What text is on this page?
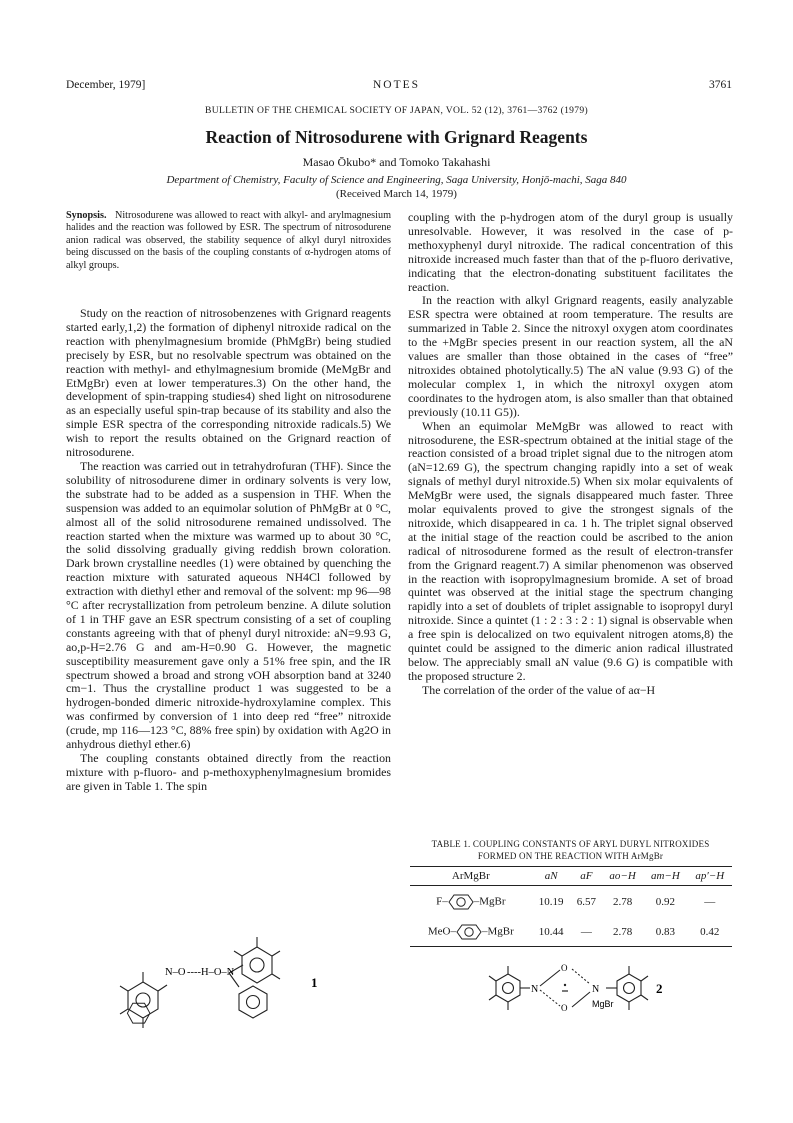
December, 1979]	NOTES	3761
BULLETIN OF THE CHEMICAL SOCIETY OF JAPAN, VOL. 52 (12), 3761—3762 (1979)
Reaction of Nitrosodurene with Grignard Reagents
Masao Ōkubo* and Tomoko Takahashi
Department of Chemistry, Faculty of Science and Engineering, Saga University, Honjō-machi, Saga 840
(Received March 14, 1979)

Synopsis. Nitrosodurene was allowed to react with alkyl- and arylmagnesium halides and the reaction was followed by ESR. The spectrum of nitrosodurene anion radical was observed, the stability sequence of alkyl duryl nitroxides being discussed on the basis of the coupling constants of α-hydrogen atoms of alkyl groups.

Study on the reaction of nitrosobenzenes with Grignard reagents started early,1,2) the formation of diphenyl nitroxide radical on the reaction with phenylmagnesium bromide (PhMgBr) being studied precisely by ESR, but no resolvable spectrum was obtained on the reaction with methyl- and ethylmagnesium bromide (MeMgBr and EtMgBr) even at lower temperatures.3) On the other hand, the development of spin-trapping studies4) shed light on nitrosodurene as an especially useful spin-trap because of its stability and also the simple ESR spectra of the corresponding nitroxide radicals.5) We wish to report the results obtained on the Grignard reaction of nitrosodurene.

The reaction was carried out in tetrahydrofuran (THF). Since the solubility of nitrosodurene dimer in ordinary solvents is very low, the substrate had to be added as a suspension in THF. When the suspension was added to an equimolar solution of PhMgBr at 0 °C, almost all of the solid nitrosodurene remained undissolved. The reaction started when the mixture was warmed up to about 30 °C, the solid dissolving gradually giving reddish brown coloration. Dark brown crystalline needles (1) were obtained by quenching the reaction mixture with saturated aqueous NH4Cl followed by extraction with diethyl ether and removal of the solvent: mp 96—98 °C after recrystallization from petroleum benzine. A dilute solution of 1 in THF gave an ESR spectrum consisting of a set of coupling constants agreeing with that of phenyl duryl nitroxide: aN=9.93 G, ao,p-H=2.76 G and am-H=0.90 G. However, the magnetic susceptibility measurement gave only a 51% free spin, and the IR spectrum showed a broad and strong νOH absorption band at 3240 cm−1. Thus the crystalline product 1 was suggested to be a hydrogen-bonded dimeric nitroxide-hydroxylamine complex. This was confirmed by conversion of 1 into deep red “free” nitroxide (crude, mp 116—123 °C, 88% free spin) by oxidation with Ag2O in anhydrous diethyl ether.6)

The coupling constants obtained directly from the reaction mixture with p-fluoro- and p-methoxyphenylmagnesium bromides are given in Table 1. The spin

coupling with the p-hydrogen atom of the duryl group is usually unresolvable. However, it was resolved in the case of p-methoxyphenyl duryl nitroxide. The radical concentration of this nitroxide increased much faster than that of the p-fluoro derivative, indicating that the electron-donating substituent facilitates the reaction.

In the reaction with alkyl Grignard reagents, easily analyzable ESR spectra were obtained at room temperature. The results are summarized in Table 2. Since the nitroxyl oxygen atom coordinates to the +MgBr species present in our reaction system, all the aN values are smaller than those obtained in the cases of “free” nitroxides obtained photolytically.5) The aN value (9.93 G) of the molecular complex 1, in which the nitroxyl oxygen atom coordinates to the hydrogen atom, is also smaller than that obtained previously (10.11 G5)).

When an equimolar MeMgBr was allowed to react with nitrosodurene, the ESR-spectrum obtained at the initial stage of the reaction consisted of a broad triplet signal due to the nitrogen atom (aN=12.69 G), the spectrum changing rapidly into a set of weak signals of methyl duryl nitroxide.5) When six molar equivalents of MeMgBr were used, the signals disappeared much faster. Three molar equivalents proved to give the strongest signals of the nitroxide, which disappeared in ca. 1 h. The triplet signal observed at the initial stage of the reaction could be ascribed to the anion radical of nitrosodurene formed as the result of electron-transfer from the Grignard reagent.7) A similar phenomenon was observed in the reaction with isopropylmagnesium bromide. A set of broad quintet was observed at the initial stage the spectrum changing rapidly into a set of doublets of triplet assignable to isopropyl duryl nitroxide. Since a quintet (1 : 2 : 3 : 2 : 1) signal is observable when a free spin is delocalized on two equivalent nitrogen atoms,8) the quintet could be assigned to the dimeric anion radical illustrated below. The appreciably small aN value (9.6 G) is compatible with the proposed structure 2.

The correlation of the order of the value of aα−H

TABLE 1. COUPLING CONSTANTS OF ARYL DURYL NITROXIDES
FORMED ON THE REACTION WITH ArMgBr
ArMgBr	aN	aF	ao−H	am−H	ap′−H
F– –MgBr	10.19	6.57	2.78	0.92	—
MeO– –MgBr	10.44	—	2.78	0.83	0.42
N–O ----H–O–N
1	N
O
O
N
MgBr
2
